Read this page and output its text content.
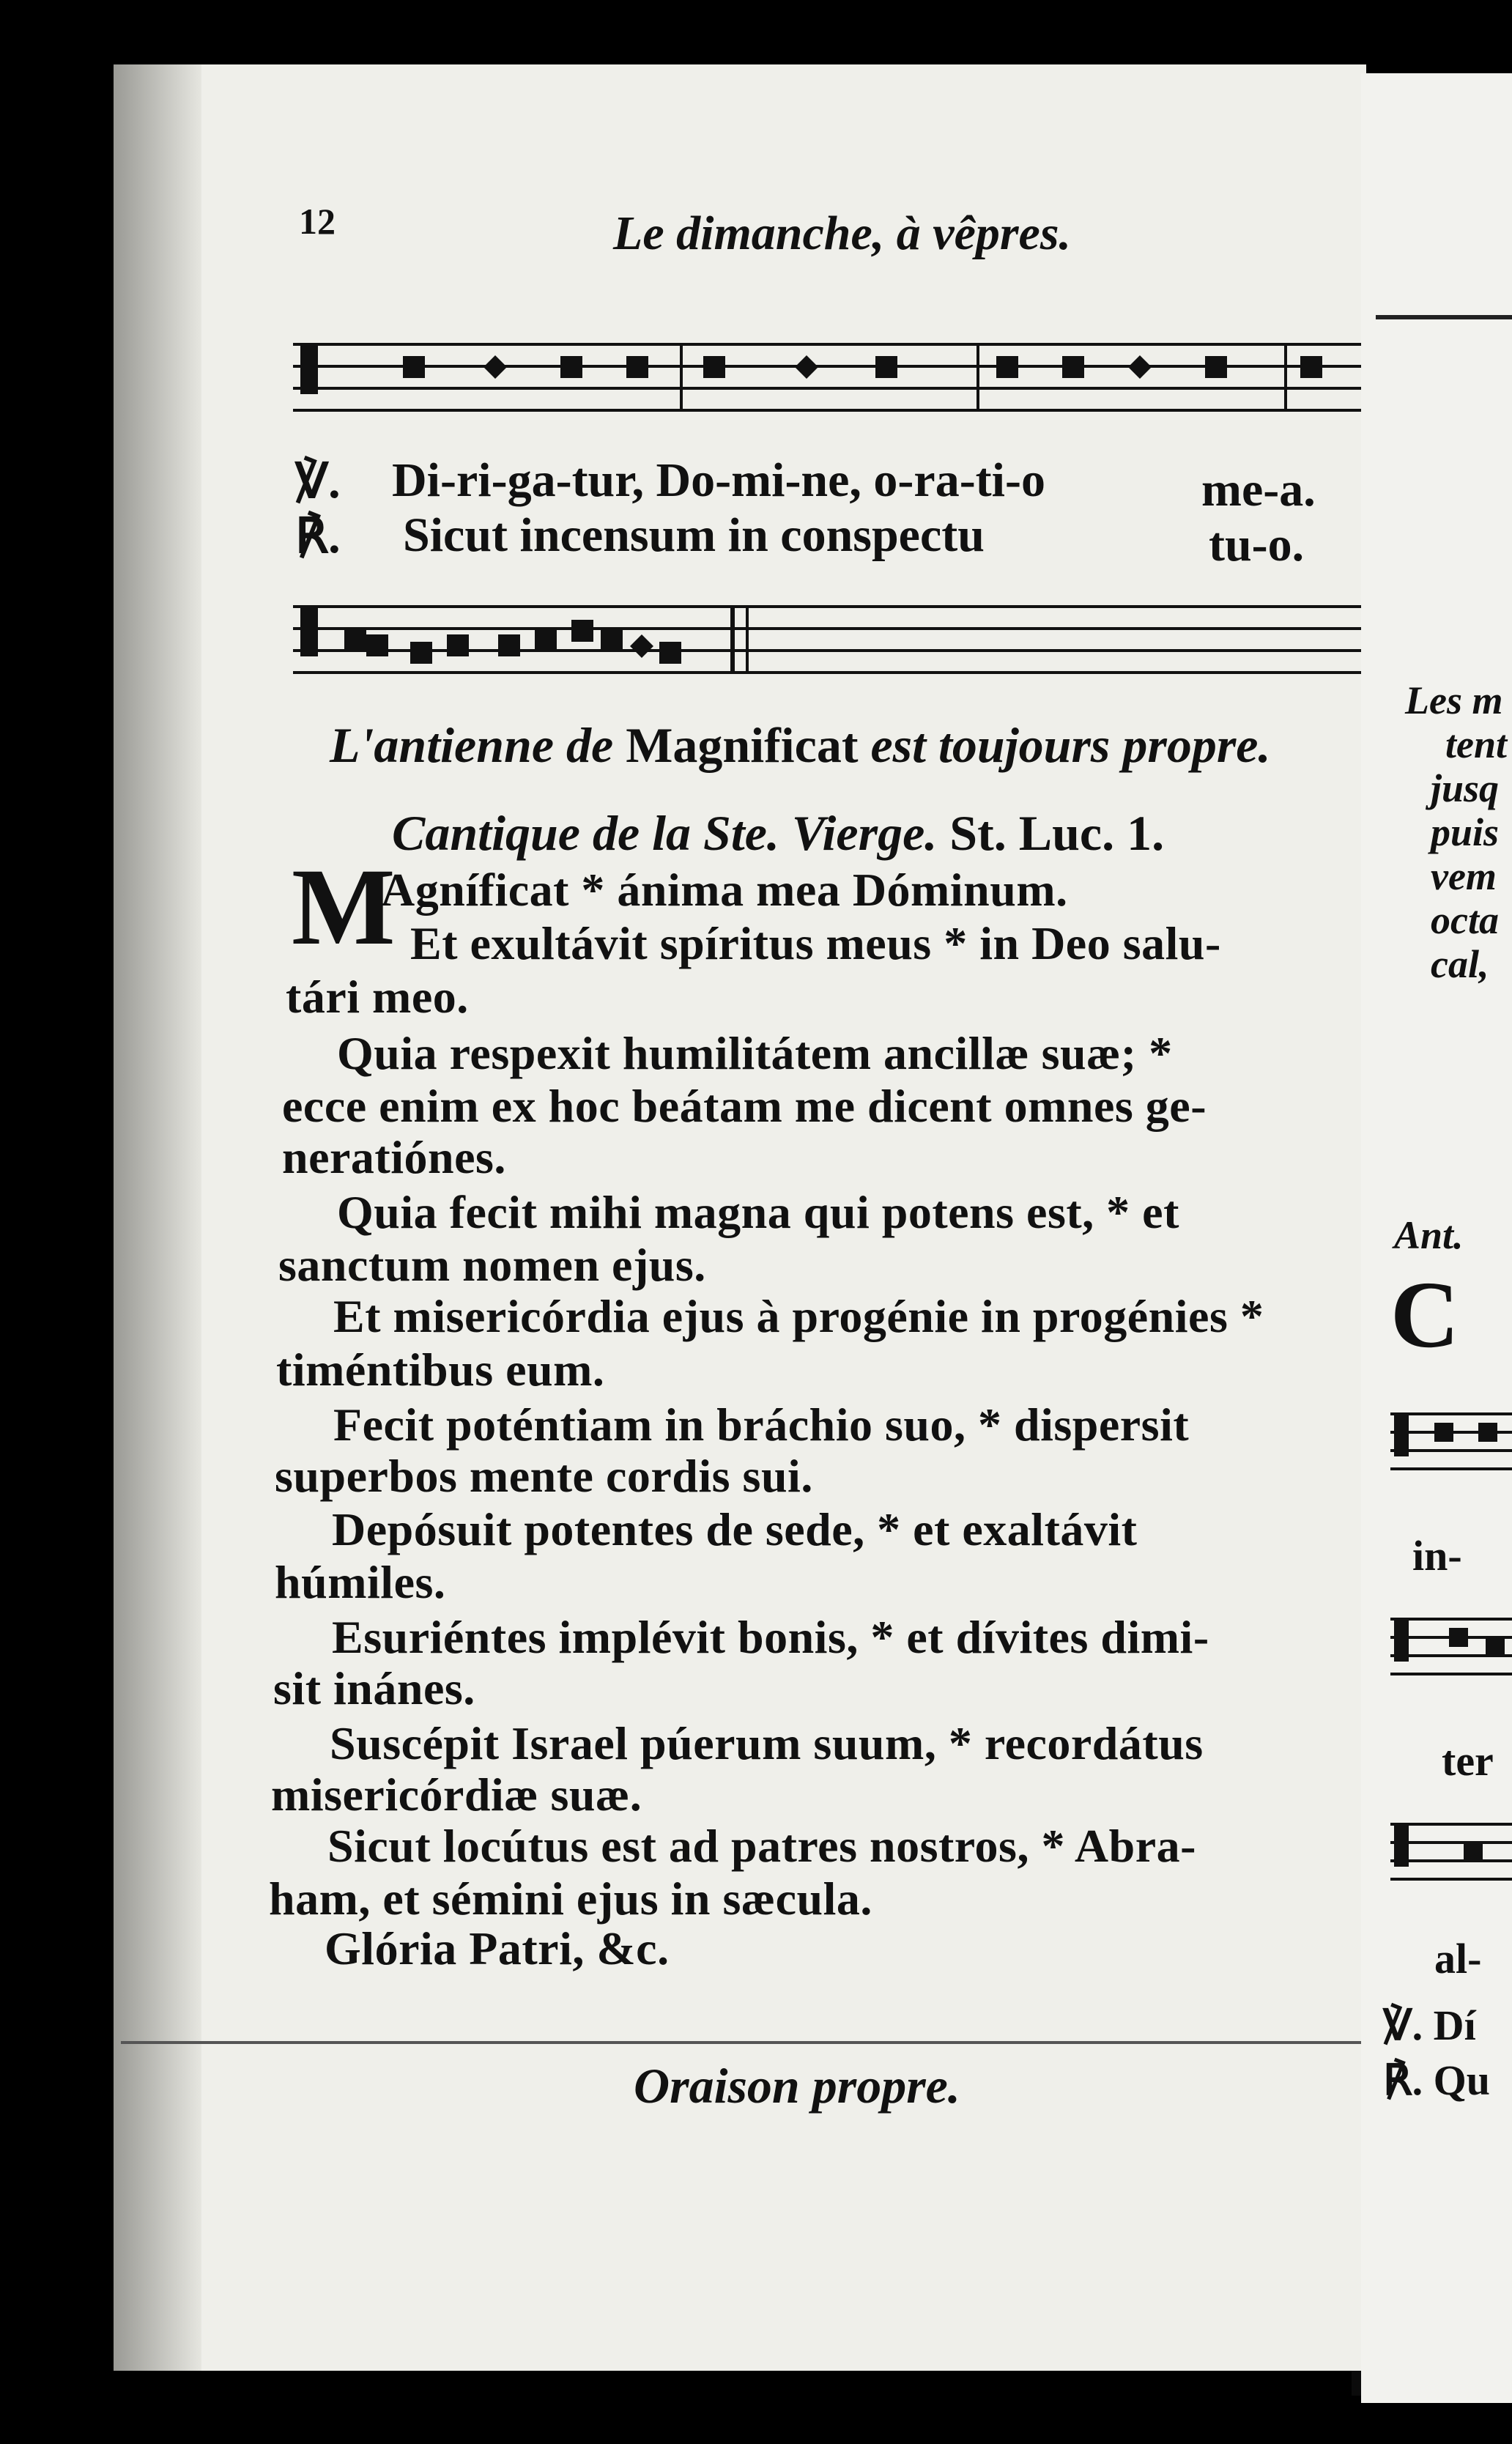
12	Le dimanche, à vêpres.
℣. Di-ri-ga-tur, Do-mi-ne, o-ra-ti-o	me-a.
℟. Sicut incensum in conspectu	tu-o.
L'antienne de Magnificat est toujours propre.
Cantique de la Ste. Vierge. St. Luc. 1.
M
Agníficat * ánima mea Dóminum.
Et exultávit spíritus meus * in Deo salu-
tári meo.
Quia respexit humilitátem ancillæ suæ; *
ecce enim ex hoc beátam me dicent omnes ge-
neratiónes.
Quia fecit mihi magna qui potens est, * et
sanctum nomen ejus.
Et misericórdia ejus à progénie in progénies *
timéntibus eum.
Fecit poténtiam in bráchio suo, * dispersit
superbos mente cordis sui.
Depósuit potentes de sede, * et exaltávit
húmiles.
Esuriéntes implévit bonis, * et dívites dimi-
sit inánes.
Suscépit Israel púerum suum, * recordátus
misericórdiæ suæ.
Sicut locútus est ad patres nostros, * Abra-
ham, et sémini ejus in sæcula.
Glória Patri, &c.
Oraison propre.
Les m
tent
jusq
puis
vem
octa
cal,
Ant.
C
in-
ter
al-
℣. Dí
℟. Qu
